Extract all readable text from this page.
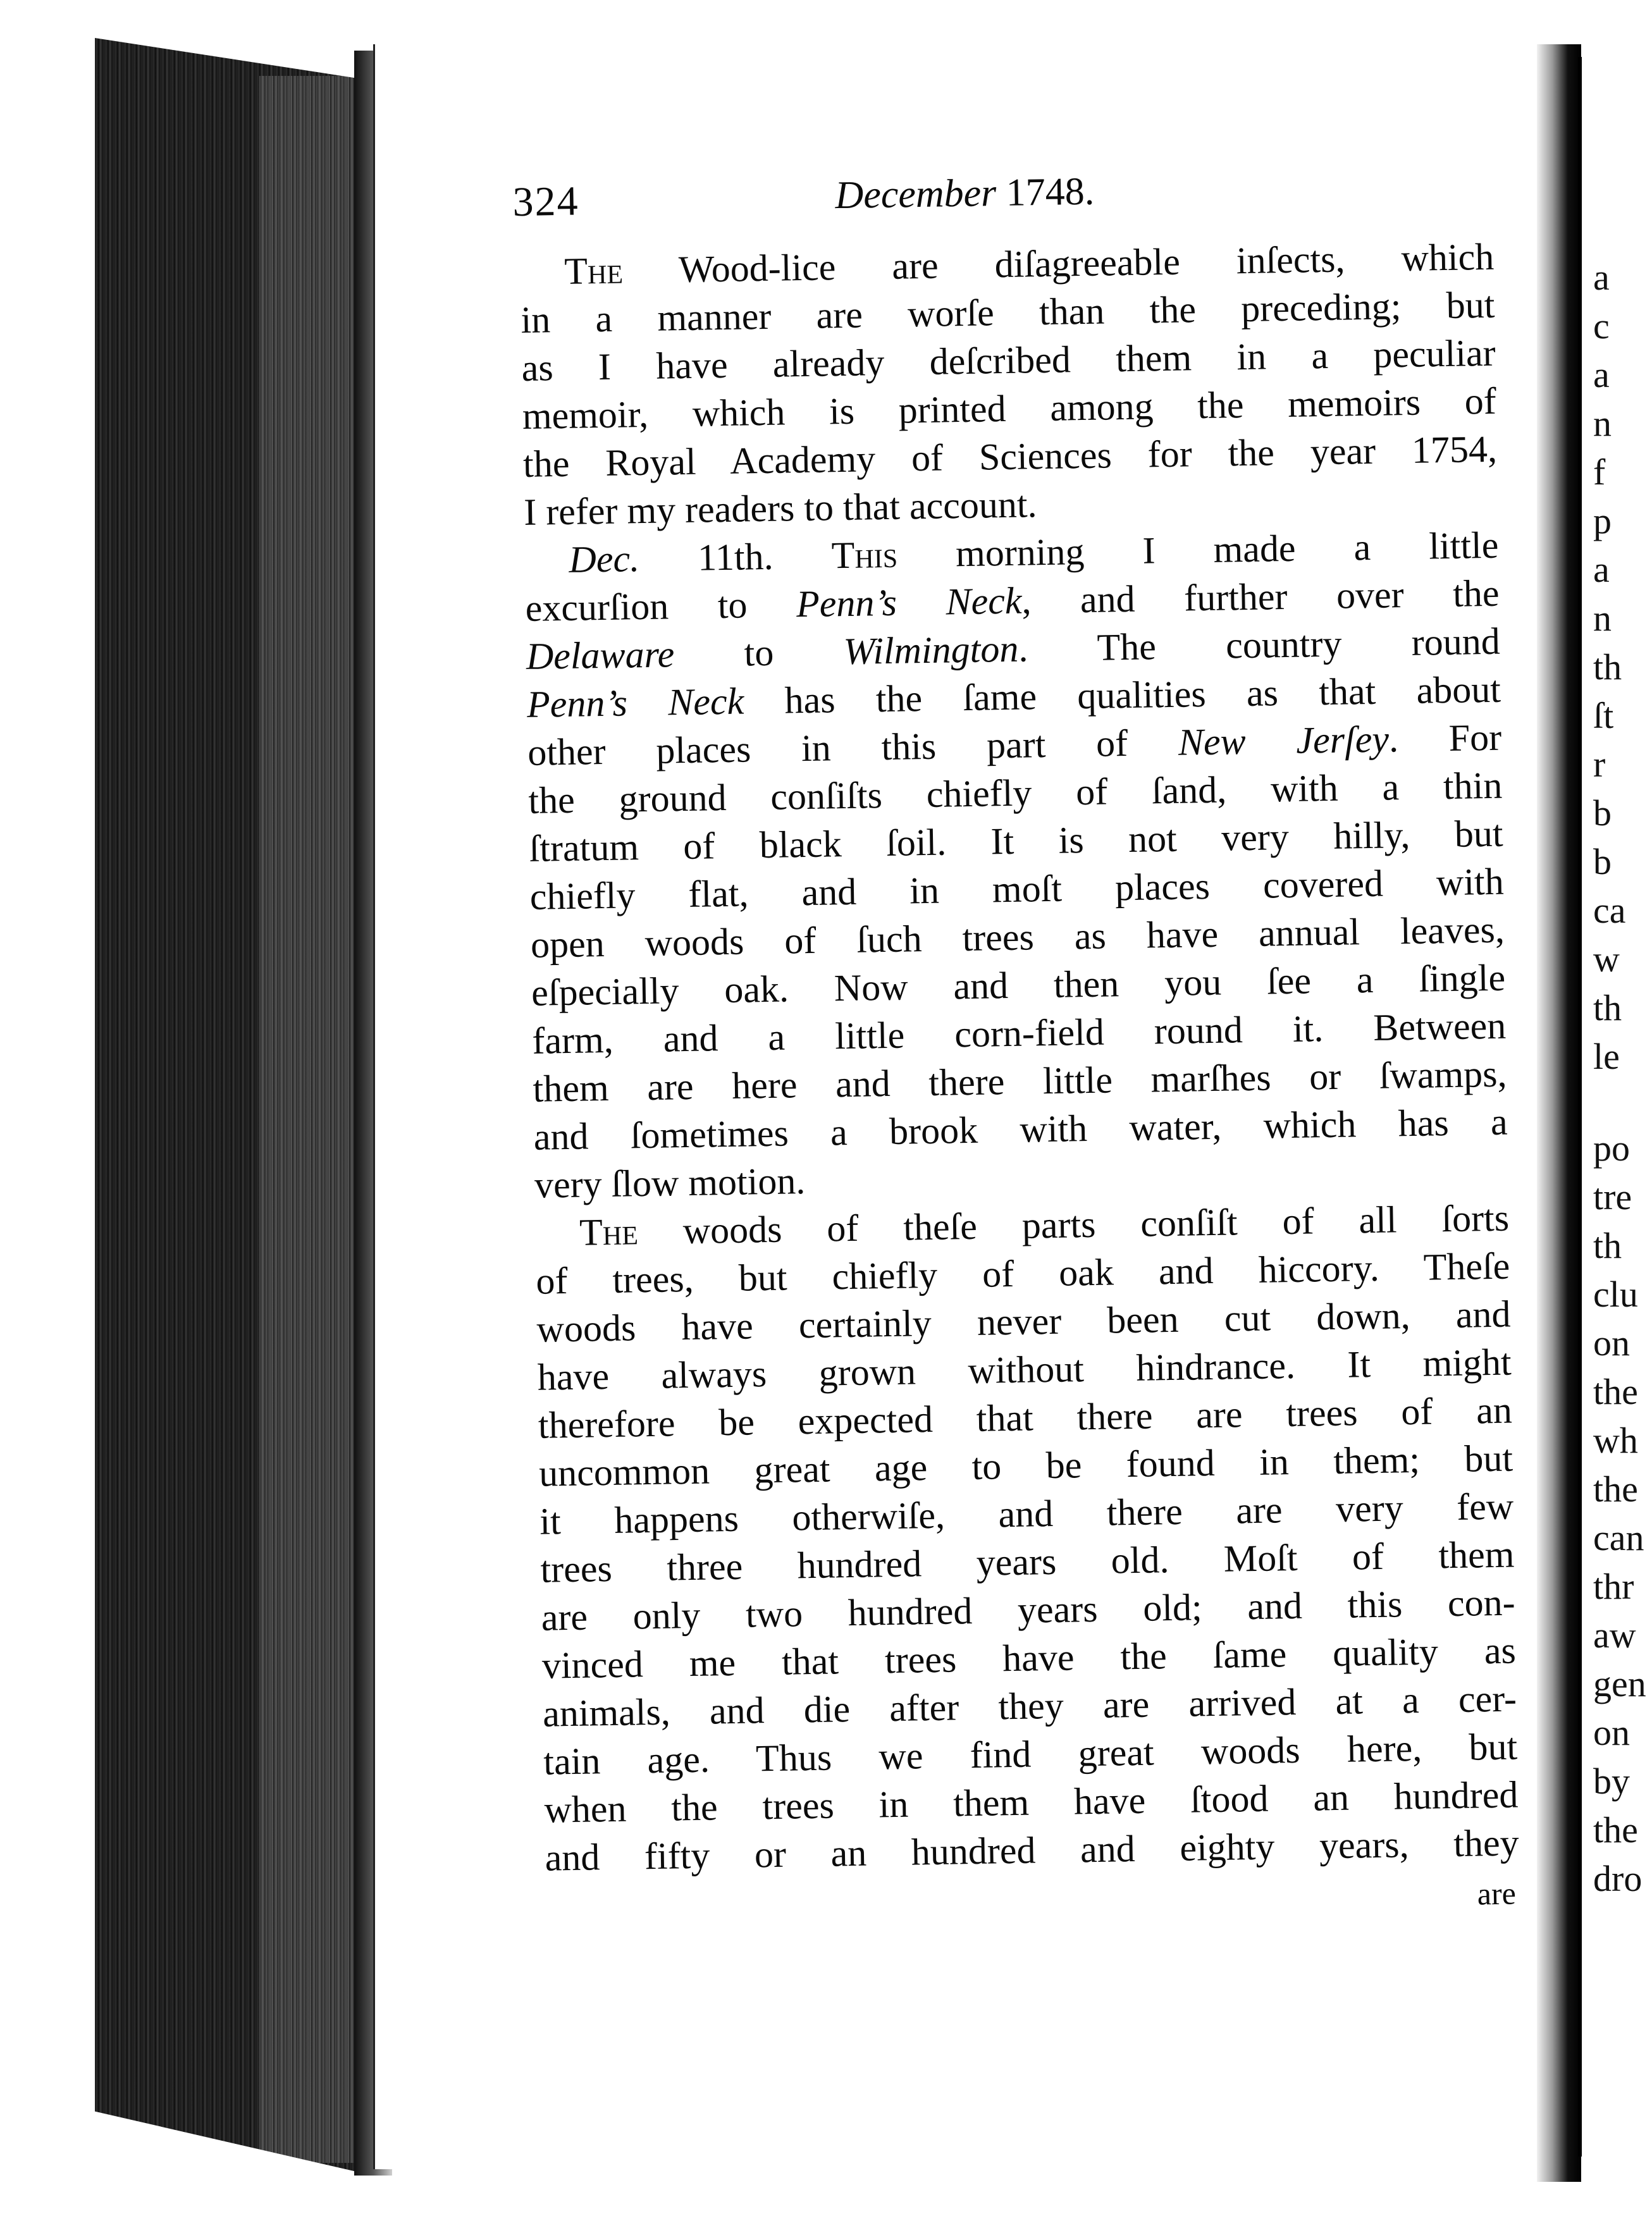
324	December 1748.
The Wood-lice are diſagreeable inſects, which
in a manner are worſe than the preceding; but
as I have already deſcribed them in a peculiar
memoir, which is printed among the memoirs of
the Royal Academy of Sciences for the year 1754,
I refer my readers to that account.
Dec. 11th. This morning I made a little
excurſion to Penn’s Neck, and further over the
Delaware to Wilmington. The country round
Penn’s Neck has the ſame qualities as that about
other places in this part of New Jerſey. For
the ground conſiſts chiefly of ſand, with a thin
ſtratum of black ſoil. It is not very hilly, but
chiefly flat, and in moſt places covered with
open woods of ſuch trees as have annual leaves,
eſpecially oak. Now and then you ſee a ſingle
farm, and a little corn-field round it. Between
them are here and there little marſhes or ſwamps,
and ſometimes a brook with water, which has a
very ſlow motion.
The woods of theſe parts conſiſt of all ſorts
of trees, but chiefly of oak and hiccory. Theſe
woods have certainly never been cut down, and
have always grown without hindrance. It might
therefore be expected that there are trees of an
uncommon great age to be found in them; but
it happens otherwiſe, and there are very few
trees three hundred years old. Moſt of them
are only two hundred years old; and this con-
vinced me that trees have the ſame quality as
animals, and die after they are arrived at a cer-
tain age. Thus we find great woods here, but
when the trees in them have ſtood an hundred
and fifty or an hundred and eighty years, they
are
a
c
a
n
f
p
a
n
th
ſt
r
b
b
ca
w
th
le
po
tre
th
clu
on
the
wh
the
can
thr
aw
gen
on
by
the
dro
